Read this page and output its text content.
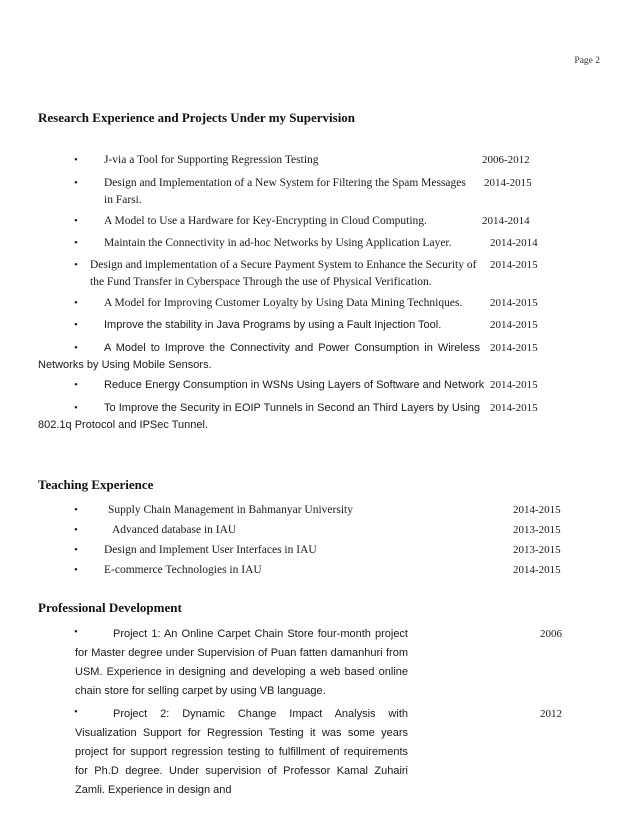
Page 2
Research Experience and Projects Under my Supervision
• J-via a Tool for Supporting Regression Testing	2006-2012
• Design and Implementation of a New System for Filtering the Spam Messages	2014-2015
in Farsi.
• A Model to Use a Hardware for Key-Encrypting in Cloud Computing.	2014-2014
• Maintain the Connectivity in ad-hoc Networks by Using Application Layer.	2014-2014
• Design and implementation of a Secure Payment System to Enhance the Security of 2014-2015
the Fund Transfer in Cyberspace Through the use of Physical Verification.
• A Model for Improving Customer Loyalty by Using Data Mining Techniques.	2014-2015
• Improve the stability in Java Programs by using a Fault Injection Tool.	2014-2015
• A Model to Improve the Connectivity and Power Consumption in Wireless 2014-2015
Networks by Using Mobile Sensors.
• Reduce Energy Consumption in WSNs Using Layers of Software and Network 2014-2015
• To Improve the Security in EOIP Tunnels in Second an Third Layers by Using 2014-2015
802.1q Protocol and IPSec Tunnel.
Teaching Experience
•	Supply Chain Management in Bahmanyar University	2014-2015
•	Advanced database in IAU	2013-2015
• Design and Implement User Interfaces in IAU	2013-2015
• E-commerce Technologies in IAU	2014-2015
Professional Development
•	Project 1: An Online Carpet Chain Store four-month project for Master degree under Supervision of Puan fatten damanhuri from USM. Experience in designing and developing a web based online chain store for selling carpet by using VB language.
2006
•	Project 2: Dynamic Change Impact Analysis with Visualization Support for Regression Testing it was some years project for support regression testing to fulfillment of requirements for Ph.D degree. Under supervision of Professor Kamal Zuhairi Zamli. Experience in design and
2012
